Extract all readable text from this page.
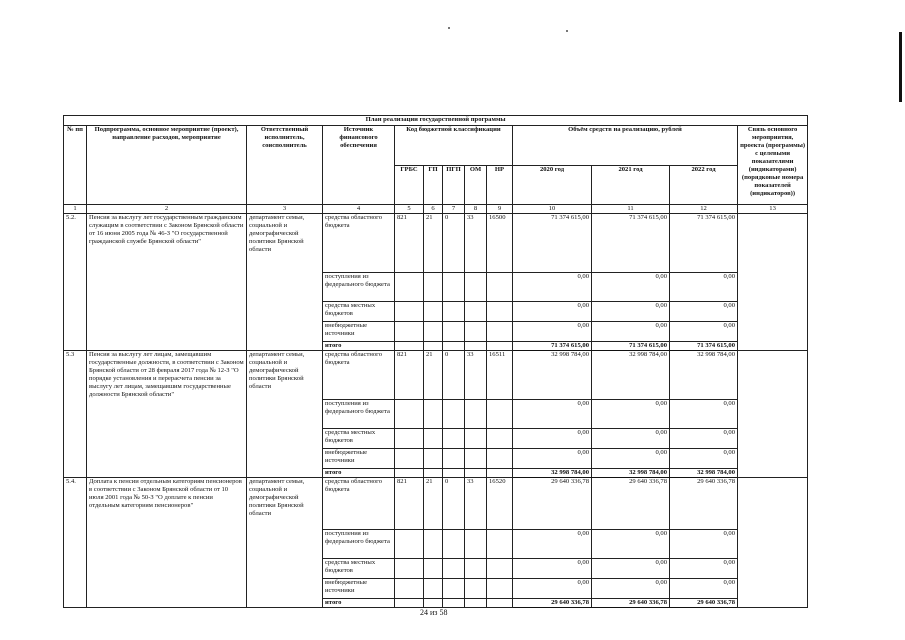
План реализации государственной программы												
№ пп	Подпрограмма, основное мероприятие (проект), направление расходов, мероприятие	Ответственный исполнитель, соисполнитель	Источник финансового обеспечения	Код бюджетной классификации					Объём средств на реализацию, рублей			Связь основного мероприятия, проекта (программы) с целевыми показателями (индикаторами) (порядковые номера показателей (индикаторов))
				ГРБС	ГП	ПГП	ОМ	НР	2020 год	2021 год	2022 год	
1	2	3	4	5	6	7	8	9	10	11	12	13
5.2.	Пенсия за выслугу лет государственным гражданским служащим в соответствии с Законом Брянской области от 16 июня 2005 года № 46-З "О государственной гражданской службе Брянской области"	департамент семьи, социальной и демографической политики Брянской области	средства областного бюджета	821	21	0	33	16500	71 374 615,00	71 374 615,00	71 374 615,00	
			поступления из федерального бюджета						0,00	0,00	0,00	
			средства местных бюджетов						0,00	0,00	0,00	
			внебюджетные источники						0,00	0,00	0,00	
			итого						71 374 615,00	71 374 615,00	71 374 615,00	
5.3	Пенсия за выслугу лет лицам, замещавшим государственные должности, в соответствии с Законом Брянской области от 28 февраля 2017 года № 12-З "О порядке установления и перерасчета пенсии за выслугу лет лицам, замещавшим государственные должности Брянской области"	департамент семьи, социальной и демографической политики Брянской области	средства областного бюджета	821	21	0	33	16511	32 998 784,00	32 998 784,00	32 998 784,00	
			поступления из федерального бюджета						0,00	0,00	0,00	
			средства местных бюджетов						0,00	0,00	0,00	
			внебюджетные источники						0,00	0,00	0,00	
			итого						32 998 784,00	32 998 784,00	32 998 784,00	
5.4.	Доплата к пенсии отдельным категориям пенсионеров в соответствии с Законом Брянской области от 10 июля 2001 года № 50-З "О доплате к пенсии отдельным категориям пенсионеров"	департамент семьи, социальной и демографической политики Брянской области	средства областного бюджета	821	21	0	33	16520	29 640 336,78	29 640 336,78	29 640 336,78	
			поступления из федерального бюджета						0,00	0,00	0,00	
			средства местных бюджетов						0,00	0,00	0,00	
			внебюджетные источники						0,00	0,00	0,00	
			итого						29 640 336,78	29 640 336,78	29 640 336,78	
24 из 58
